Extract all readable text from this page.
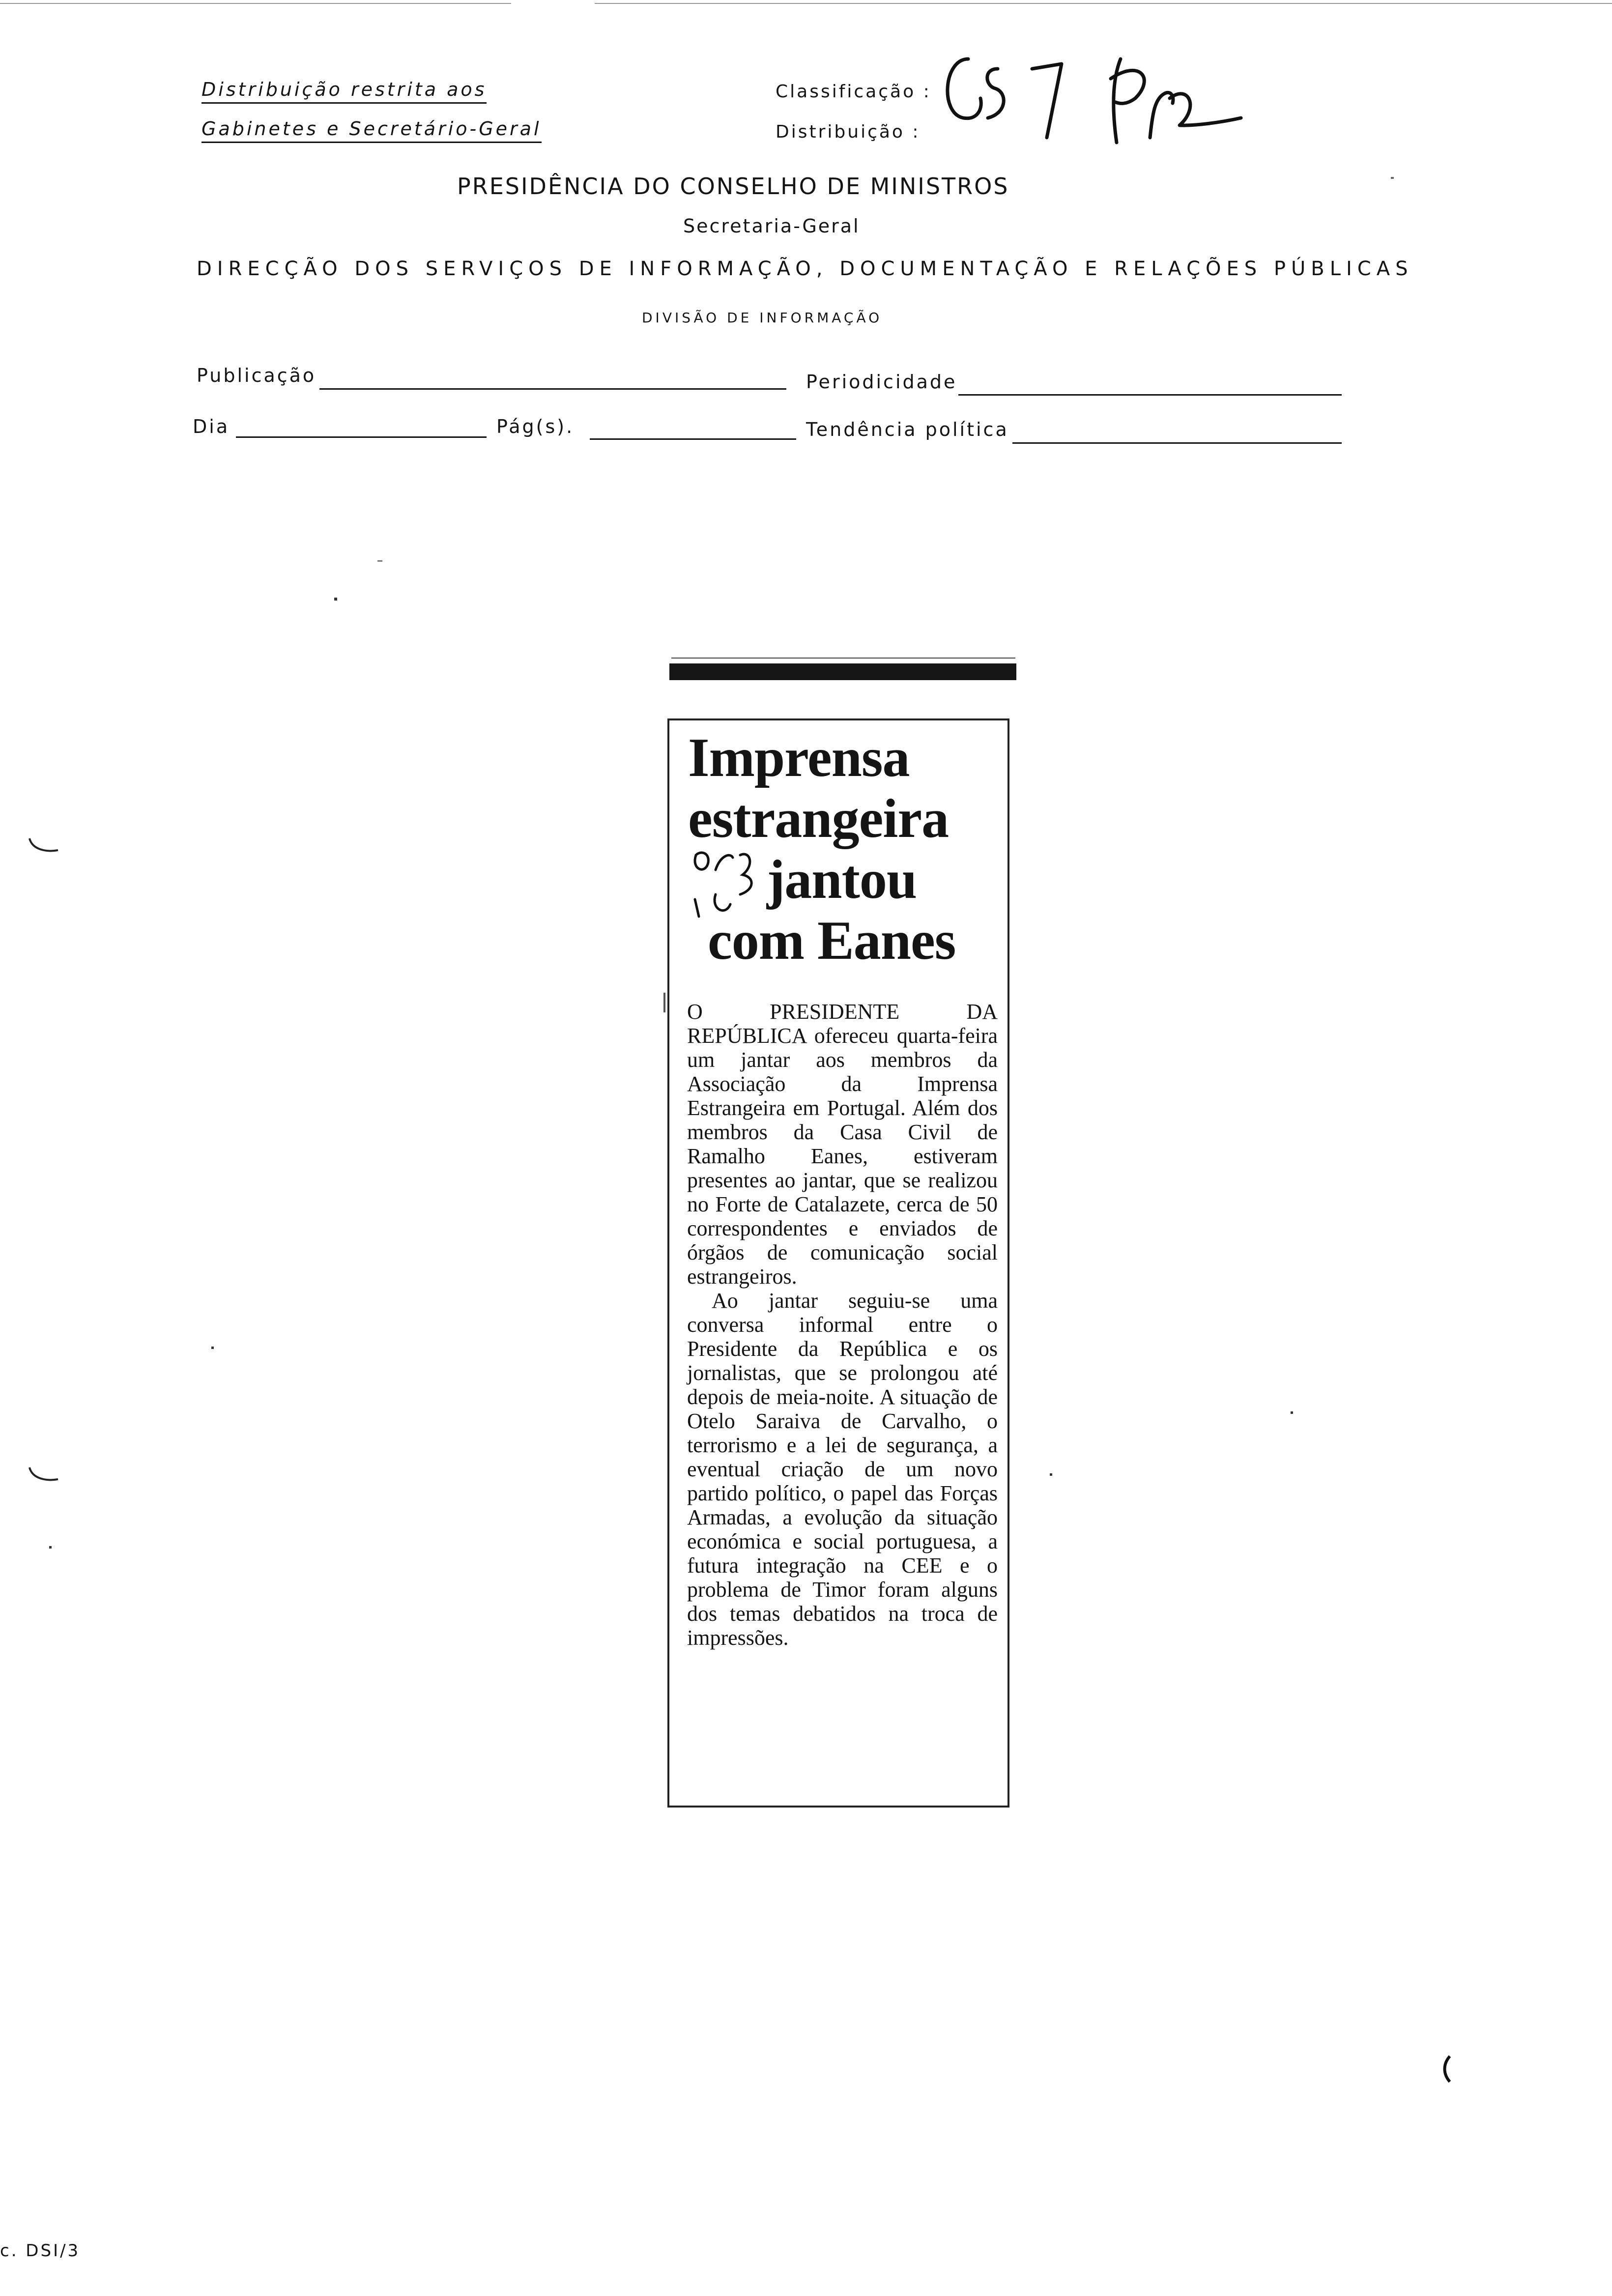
Distribuição restrita aos
Gabinetes e Secretário-Geral
Classificação :
Distribuição :
PRESIDÊNCIA DO CONSELHO DE MINISTROS
Secretaria-Geral
DIRECÇÃO DOS SERVIÇOS DE INFORMAÇÃO, DOCUMENTAÇÃO E RELAÇÕES PÚBLICAS
DIVISÃO DE INFORMAÇÃO
Publicação	Periodicidade
Dia	Pág(s).	Tendência política
Imprensa
estrangeira
jantou
com Eanes

O PRESIDENTE DA REPÚBLICA ofereceu quarta-feira um jantar aos membros da Associação da Imprensa Estrangeira em Portugal. Além dos membros da Casa Civil de Ramalho Eanes, estiveram presentes ao jantar, que se realizou no Forte de Catalazete, cerca de 50 correspondentes e enviados de órgãos de comunicação social estrangeiros.

Ao jantar seguiu-se uma conversa informal entre o Presidente da República e os jornalistas, que se prolongou até depois de meia-noite. A situação de Otelo Saraiva de Carvalho, o terrorismo e a lei de segurança, a eventual criação de um novo partido político, o papel das Forças Armadas, a evolução da situação económica e social portuguesa, a futura integração na CEE e o problema de Timor foram alguns dos temas debatidos na troca de impressões.

c. DSI/3
